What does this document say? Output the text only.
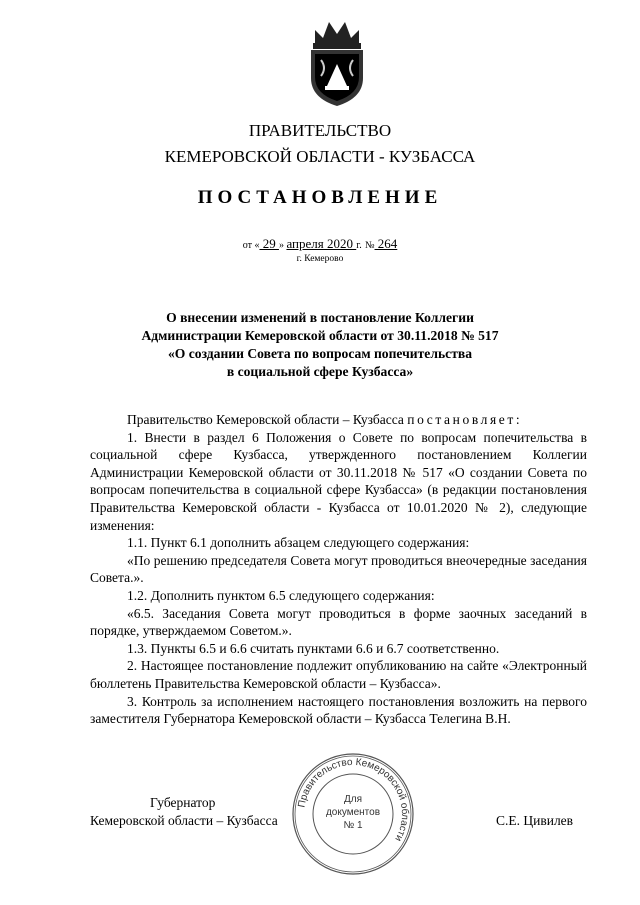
ПРАВИТЕЛЬСТВО
КЕМЕРОВСКОЙ ОБЛАСТИ - КУЗБАССА
ПОСТАНОВЛЕНИЕ
от « 29 » апреля 2020 г. № 264
г. Кемерово
О внесении изменений в постановление Коллегии
Администрации Кемеровской области от 30.11.2018 № 517
«О создании Совета по вопросам попечительства
в социальной сфере Кузбасса»

Правительство Кемеровской области – Кузбасса постановляет:

1. Внести в раздел 6 Положения о Совете по вопросам попечительства в социальной сфере Кузбасса, утвержденного постановлением Коллегии Администрации Кемеровской области от 30.11.2018 № 517 «О создании Совета по вопросам попечительства в социальной сфере Кузбасса» (в редакции постановления Правительства Кемеровской области - Кузбасса от 10.01.2020 № 2), следующие изменения:

1.1. Пункт 6.1 дополнить абзацем следующего содержания:

«По решению председателя Совета могут проводиться внеочередные заседания Совета.».

1.2. Дополнить пунктом 6.5 следующего содержания:

«6.5. Заседания Совета могут проводиться в форме заочных заседаний в порядке, утверждаемом Советом.».

1.3. Пункты 6.5 и 6.6 считать пунктами 6.6 и 6.7 соответственно.

2. Настоящее постановление подлежит опубликованию на сайте «Электронный бюллетень Правительства Кемеровской области – Кузбасса».

3. Контроль за исполнением настоящего постановления возложить на первого заместителя Губернатора Кемеровской области – Кузбасса Телегина В.Н.

Губернатор
Кемеровской области – Кузбасса	С.Е. Цивилев
Правительство Кемеровской области
Для
документов
№ 1
